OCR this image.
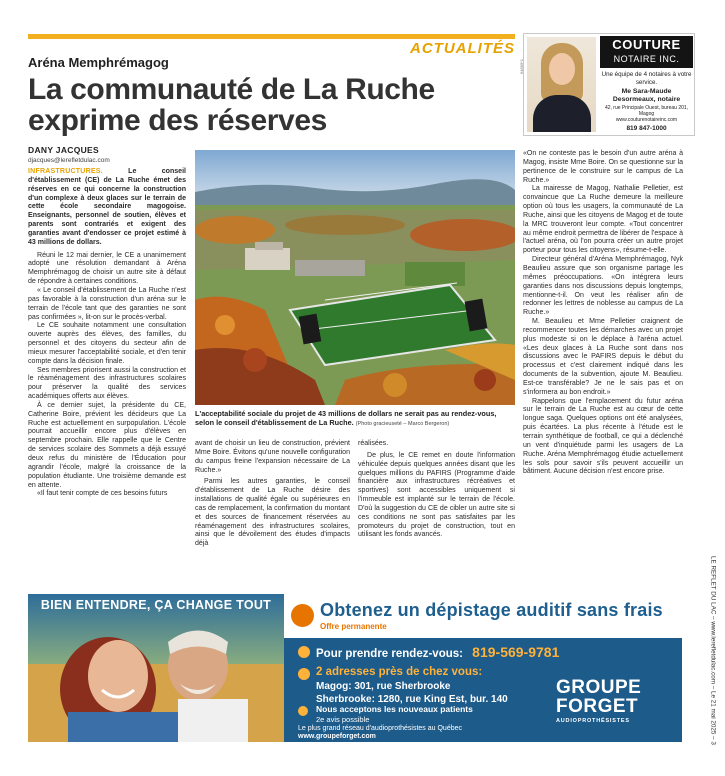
ACTUALITÉS
Aréna Memphrémagog
La communauté de La Ruche exprime des réserves
DANY JACQUES
djacques@lerefletdulac.com
64869*1
COUTURE
NOTAIRE INC.
Une équipe de 4 notaires à votre service.
Me Sara-Maude Desormeaux, notaire
42, rue Principale Ouest, bureau 201, Magog
www.couturenotaireinc.com
819 847-1000

INFRASTRUCTURES. Le conseil d'établissement (CE) de La Ruche émet des réserves en ce qui concerne la construction d'un complexe à deux glaces sur le terrain de cette école secondaire magogoise. Enseignants, personnel de soutien, élèves et parents sont contrariés et exigent des garanties avant d'endosser ce projet estimé à 43 millions de dollars.

Réuni le 12 mai dernier, le CE a unanimement adopté une résolution demandant à Aréna Memphrémagog de choisir un autre site à défaut de répondre à certaines conditions.

« Le conseil d'établissement de La Ruche n'est pas favorable à la construction d'un aréna sur le terrain de l'école tant que des garanties ne sont pas confirmées », lit-on sur le procès-verbal.

Le CE souhaite notamment une consultation ouverte auprès des élèves, des familles, du personnel et des citoyens du secteur afin de mieux mesurer l'acceptabilité sociale, et d'en tenir compte dans la décision finale.

Ses membres priorisent aussi la construction et le réaménagement des infrastructures scolaires pour préserver la qualité des services académiques offerts aux élèves.

À ce dernier sujet, la présidente du CE, Catherine Boire, prévient les décideurs que La Ruche est actuellement en surpopulation. L'école pourrait accueillir encore plus d'élèves en septembre prochain. Elle rappelle que le Centre de services scolaire des Sommets a déjà essuyé deux refus du ministère de l'Éducation pour agrandir l'école, malgré la croissance de la population étudiante. Une troisième demande est en attente.

«Il faut tenir compte de ces besoins futurs

L'acceptabilité sociale du projet de 43 millions de dollars ne serait pas au rendez-vous, selon le conseil d'établissement de La Ruche. (Photo gracieuseté – Marco Bergeron)

avant de choisir un lieu de construction, prévient Mme Boire. Évitons qu'une nouvelle configuration du campus freine l'expansion nécessaire de La Ruche.»

Parmi les autres garanties, le conseil d'établissement de La Ruche désire des installations de qualité égale ou supérieures en cas de remplacement, la confirmation du montant et des sources de financement réservées au réaménagement des infrastructures scolaires, ainsi que le dévoilement des études d'impacts déjà

réalisées.

De plus, le CE remet en doute l'information véhiculée depuis quelques années disant que les quelques millions du PAFIRS (Programme d'aide financière aux infrastructures récréatives et sportives) sont accessibles uniquement si l'immeuble est implanté sur le terrain de l'école. D'où la suggestion du CE de cibler un autre site si ces conditions ne sont pas satisfaites par les promoteurs du projet de construction, tout en utilisant les fonds avancés.

«On ne conteste pas le besoin d'un autre aréna à Magog, insiste Mme Boire. On se questionne sur la pertinence de le construire sur le campus de La Ruche.»

La mairesse de Magog, Nathalie Pelletier, est convaincue que La Ruche demeure la meilleure option où tous les usagers, la communauté de La Ruche, ainsi que les citoyens de Magog et de toute la MRC trouveront leur compte. «Tout concentrer au même endroit permettra de libérer de l'espace à l'actuel aréna, où l'on pourra créer un autre projet porteur pour tous les citoyens», résume-t-elle.

Directeur général d'Aréna Memphrémagog, Nyk Beaulieu assure que son organisme partage les mêmes préoccupations. «On intégrera leurs garanties dans nos discussions depuis longtemps, mentionne-t-il. On veut les réaliser afin de redonner les lettres de noblesse au campus de La Ruche.»

M. Beaulieu et Mme Pelletier craignent de recommencer toutes les démarches avec un projet plus modeste si on le déplace à l'aréna actuel. «Les deux glaces à La Ruche sont dans nos discussions avec le PAFIRS depuis le début du processus et c'est clairement indiqué dans les documents de la subvention, ajoute M. Beaulieu. Est-ce transférable? Je ne le sais pas et on s'informera au bon endroit.»

Rappelons que l'emplacement du futur aréna sur le terrain de La Ruche est au cœur de cette longue saga. Quelques options ont été analysées, puis écartées. La plus récente à l'étude est le terrain synthétique de football, ce qui a déclenché un vent d'inquiétude parmi les usagers de La Ruche. Aréna Memphrémagog étudie actuellement les sols pour savoir s'ils peuvent accueillir un bâtiment. Aucune décision n'est encore prise.

LE REFLET DU LAC – www.lerefletdulac.com – Le 21 mai 2025 – 3
BIEN ENTENDRE, ÇA CHANGE TOUT	Obtenez un dépistage auditif sans frais
Offre permanente
Pour prendre rendez-vous: 819-569-9781
2 adresses près de chez vous:
Magog: 301, rue Sherbrooke
Sherbrooke: 1280, rue King Est, bur. 140
Nous acceptons les nouveaux patients
2e avis possible
Le plus grand réseau d'audioprothésistes au Québec
www.groupeforget.com
GROUPE
FORGET
AUDIOPROTHÉSISTES
